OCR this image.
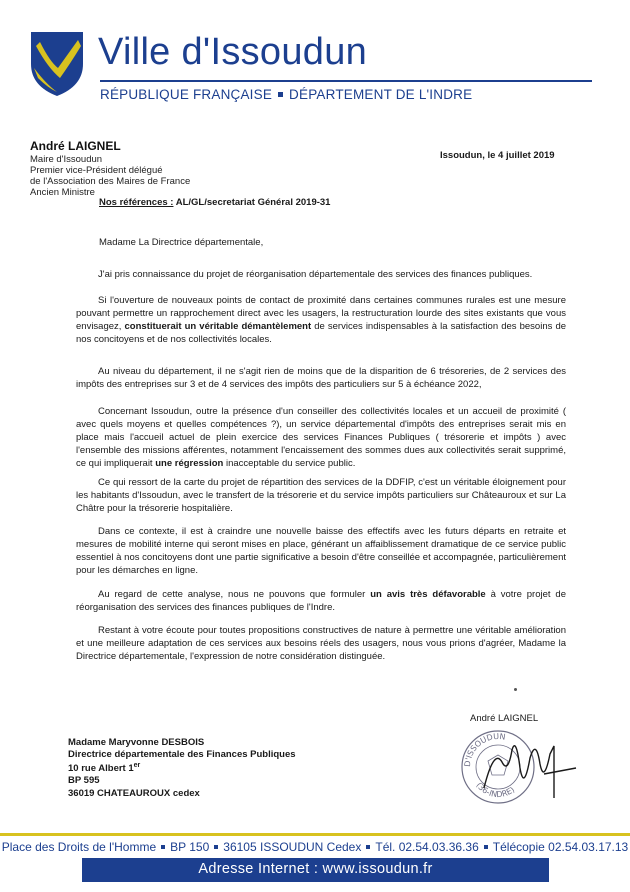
Ville d'Issoudun
RÉPUBLIQUE FRANÇAISE DÉPARTEMENT DE L'INDRE
André LAIGNEL
Maire d'Issoudun
Premier vice-Président délégué
de l'Association des Maires de France
Ancien Ministre
Nos références : AL/GL/secretariat Général 2019-31
Issoudun, le 4 juillet 2019
Madame La Directrice départementale,
J'ai pris connaissance du projet de réorganisation départementale des services des finances publiques.
Si l'ouverture de nouveaux points de contact de proximité dans certaines communes rurales est une mesure pouvant permettre un rapprochement direct avec les usagers, la restructuration lourde des sites existants que vous envisagez, constituerait un véritable démantèlement de services indispensables à la satisfaction des besoins de nos concitoyens et de nos collectivités locales.
Au niveau du département, il ne s'agit rien de moins que de la disparition de 6 trésoreries, de 2 services des impôts des entreprises sur 3 et de 4 services des impôts des particuliers sur 5 à échéance 2022,
Concernant Issoudun, outre la présence d'un conseiller des collectivités locales et un accueil de proximité ( avec quels moyens et quelles compétences ?), un service départemental d'impôts des entreprises serait mis en place mais l'accueil actuel de plein exercice des services Finances Publiques ( trésorerie et impôts ) avec l'ensemble des missions afférentes, notamment l'encaissement des sommes dues aux collectivités serait supprimé, ce qui impliquerait une régression inacceptable du service public.
Ce qui ressort de la carte du projet de répartition des services de la DDFIP, c'est un véritable éloignement pour les habitants d'Issoudun, avec le transfert de la trésorerie et du service impôts particuliers sur Châteauroux et sur La Châtre pour la trésorerie hospitalière.
Dans ce contexte, il est à craindre une nouvelle baisse des effectifs avec les futurs départs en retraite et mesures de mobilité interne qui seront mises en place, générant un affaiblissement dramatique de ce service public essentiel à nos concitoyens dont une partie significative a besoin d'être conseillée et accompagnée, particulièrement pour les démarches en ligne.
Au regard de cette analyse, nous ne pouvons que formuler un avis très défavorable à votre projet de réorganisation des services des finances publiques de l'Indre.
Restant à votre écoute pour toutes propositions constructives de nature à permettre une véritable amélioration et une meilleure adaptation de ces services aux besoins réels des usagers, nous vous prions d'agréer, Madame la Directrice départementale, l'expression de notre considération distinguée.
André LAIGNEL
D'ISSOUDUN
(36-INDRE)
Madame Maryvonne DESBOIS
Directrice départementale des Finances Publiques
10 rue Albert 1er
BP 595
36019 CHATEAUROUX cedex
Place des Droits de l'Homme BP 150 36105 ISSOUDUN Cedex Tél. 02.54.03.36.36 Télécopie 02.54.03.17.13
Adresse Internet : www.issoudun.fr
